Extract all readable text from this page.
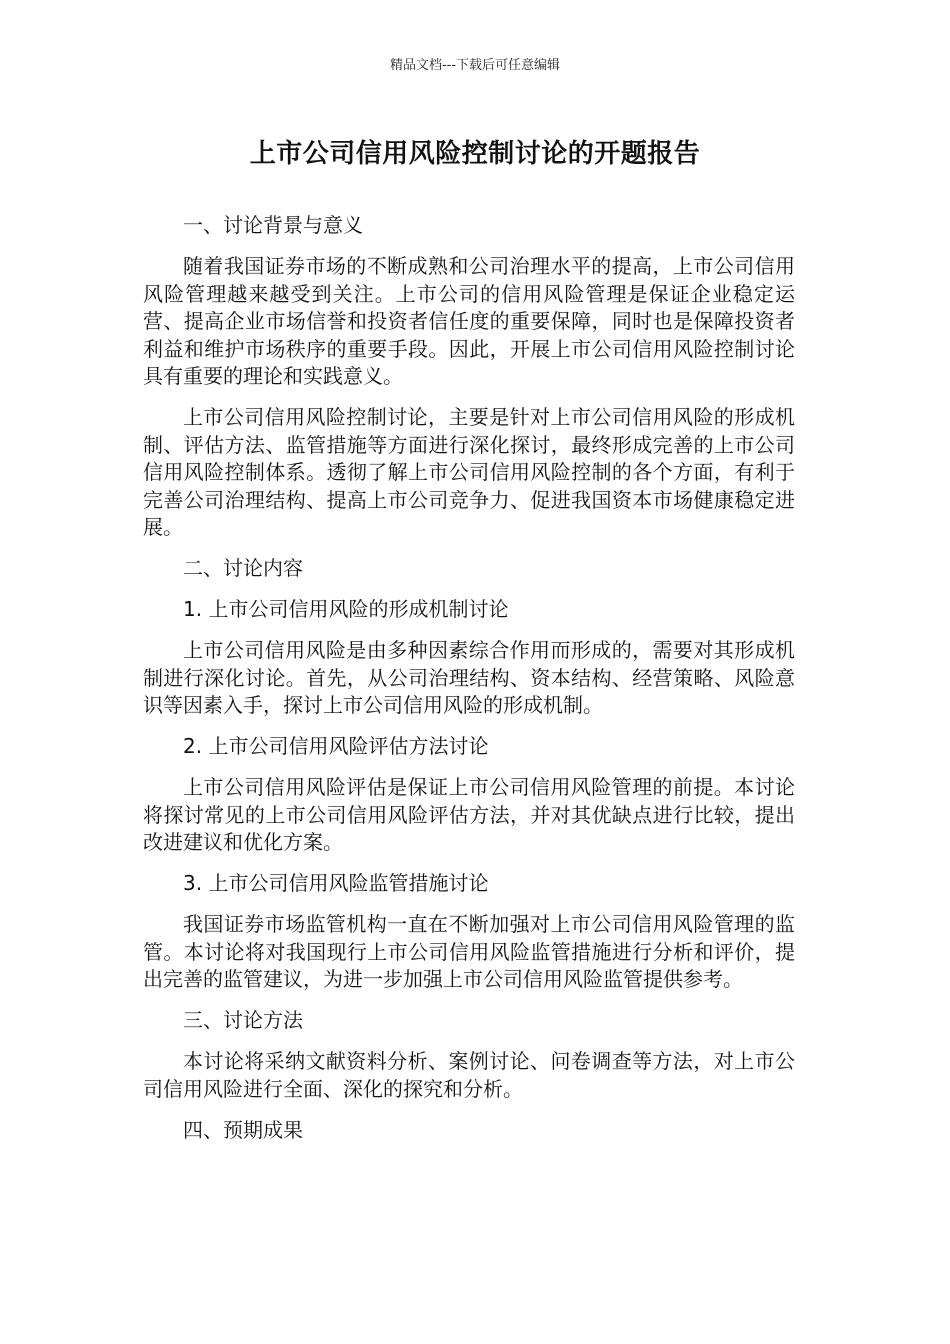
精品文档---下载后可任意编辑
上市公司信用风险控制讨论的开题报告

一、讨论背景与意义

随着我国证券市场的不断成熟和公司治理水平的提高，上市公司信用风险管理越来越受到关注。上市公司的信用风险管理是保证企业稳定运营、提高企业市场信誉和投资者信任度的重要保障，同时也是保障投资者利益和维护市场秩序的重要手段。因此，开展上市公司信用风险控制讨论具有重要的理论和实践意义。

上市公司信用风险控制讨论，主要是针对上市公司信用风险的形成机制、评估方法、监管措施等方面进行深化探讨，最终形成完善的上市公司信用风险控制体系。透彻了解上市公司信用风险控制的各个方面，有利于完善公司治理结构、提高上市公司竞争力、促进我国资本市场健康稳定进展。

二、讨论内容

1. 上市公司信用风险的形成机制讨论

上市公司信用风险是由多种因素综合作用而形成的，需要对其形成机制进行深化讨论。首先，从公司治理结构、资本结构、经营策略、风险意识等因素入手，探讨上市公司信用风险的形成机制。

2. 上市公司信用风险评估方法讨论

上市公司信用风险评估是保证上市公司信用风险管理的前提。本讨论将探讨常见的上市公司信用风险评估方法，并对其优缺点进行比较，提出改进建议和优化方案。

3. 上市公司信用风险监管措施讨论

我国证券市场监管机构一直在不断加强对上市公司信用风险管理的监管。本讨论将对我国现行上市公司信用风险监管措施进行分析和评价，提出完善的监管建议，为进一步加强上市公司信用风险监管提供参考。

三、讨论方法

本讨论将采纳文献资料分析、案例讨论、问卷调查等方法，对上市公司信用风险进行全面、深化的探究和分析。

四、预期成果
